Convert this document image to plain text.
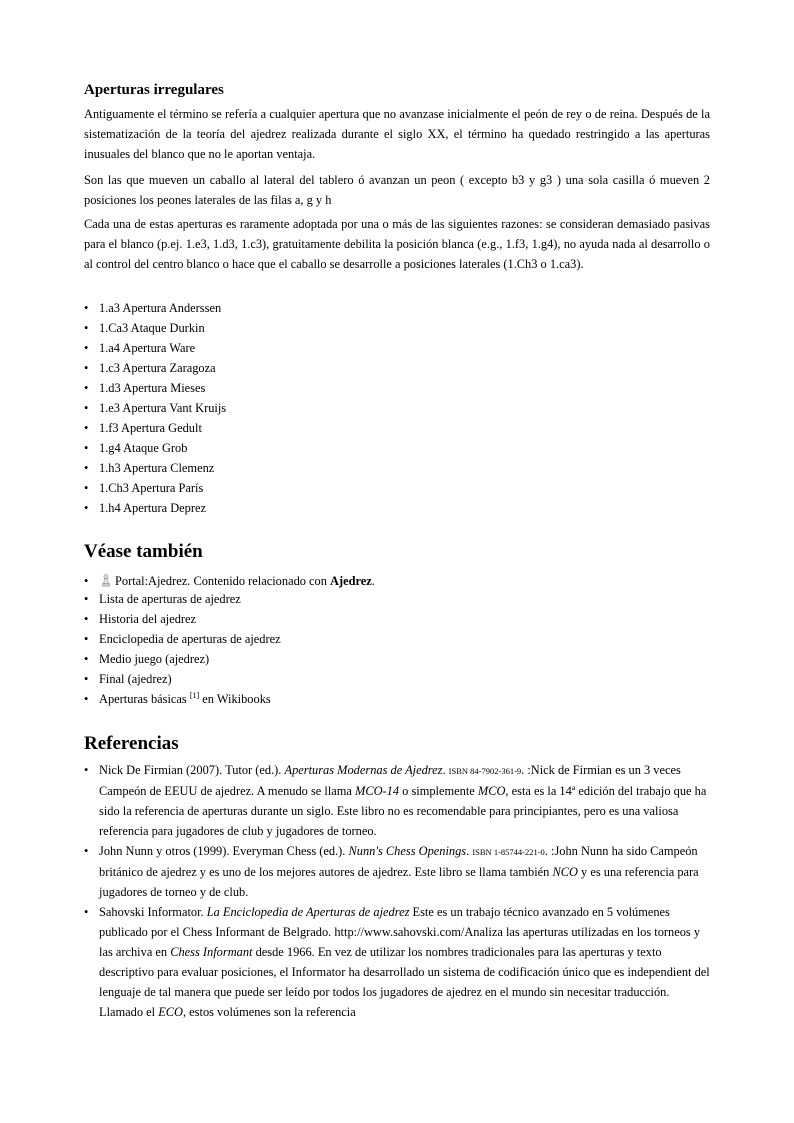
Aperturas irregulares

Antiguamente el término se refería a cualquier apertura que no avanzase inicialmente el peón de rey o de reina. Después de la sistematización de la teoría del ajedrez realizada durante el siglo XX, el término ha quedado restringido a las aperturas inusuales del blanco que no le aportan ventaja.

Son las que mueven un caballo al lateral del tablero ó avanzan un peon ( excepto b3 y g3 ) una sola casilla ó mueven 2 posiciones los peones laterales de las filas a, g y h

Cada una de estas aperturas es raramente adoptada por una o más de las siguientes razones: se consideran demasiado pasivas para el blanco (p.ej. 1.e3, 1.d3, 1.c3), gratuitamente debilita la posición blanca (e.g., 1.f3, 1.g4), no ayuda nada al desarrollo o al control del centro blanco o hace que el caballo se desarrolle a posiciones laterales (1.Ch3 o 1.ca3).

• 1.a3 Apertura Anderssen
• 1.Ca3 Ataque Durkin
• 1.a4 Apertura Ware
• 1.c3 Apertura Zaragoza
• 1.d3 Apertura Mieses
• 1.e3 Apertura Vant Kruijs
• 1.f3 Apertura Gedult
• 1.g4 Ataque Grob
• 1.h3 Apertura Clemenz
• 1.Ch3 Apertura París
• 1.h4 Apertura Deprez
Véase también
• Portal:Ajedrez. Contenido relacionado con Ajedrez.
• Lista de aperturas de ajedrez
• Historia del ajedrez
• Enciclopedia de aperturas de ajedrez
• Medio juego (ajedrez)
• Final (ajedrez)
• Aperturas básicas [1] en Wikibooks
Referencias
• Nick De Firmian (2007). Tutor (ed.). Aperturas Modernas de Ajedrez. ISBN 84-7902-361-9. :Nick de Firmian es un 3 veces Campeón de EEUU de ajedrez. A menudo se llama MCO-14 o simplemente MCO, esta es la 14ª edición del trabajo que ha sido la referencia de aperturas durante un siglo. Este libro no es recomendable para principiantes, pero es una valiosa referencia para jugadores de club y jugadores de torneo.
• John Nunn y otros (1999). Everyman Chess (ed.). Nunn's Chess Openings. ISBN 1-85744-221-0. :John Nunn ha sido Campeón británico de ajedrez y es uno de los mejores autores de ajedrez. Este libro se llama también NCO y es una referencia para jugadores de torneo y de club.
• Sahovski Informator. La Enciclopedia de Aperturas de ajedrez Este es un trabajo técnico avanzado en 5 volúmenes publicado por el Chess Informant de Belgrado. http://www.sahovski.com/Analiza las aperturas utilizadas en los torneos y las archiva en Chess Informant desde 1966. En vez de utilizar los nombres tradicionales para las aperturas y texto descriptivo para evaluar posiciones, el Informator ha desarrollado un sistema de codificación único que es independient del lenguaje de tal manera que puede ser leído por todos los jugadores de ajedrez en el mundo sin necesitar traducción. Llamado el ECO, estos volúmenes son la referencia
